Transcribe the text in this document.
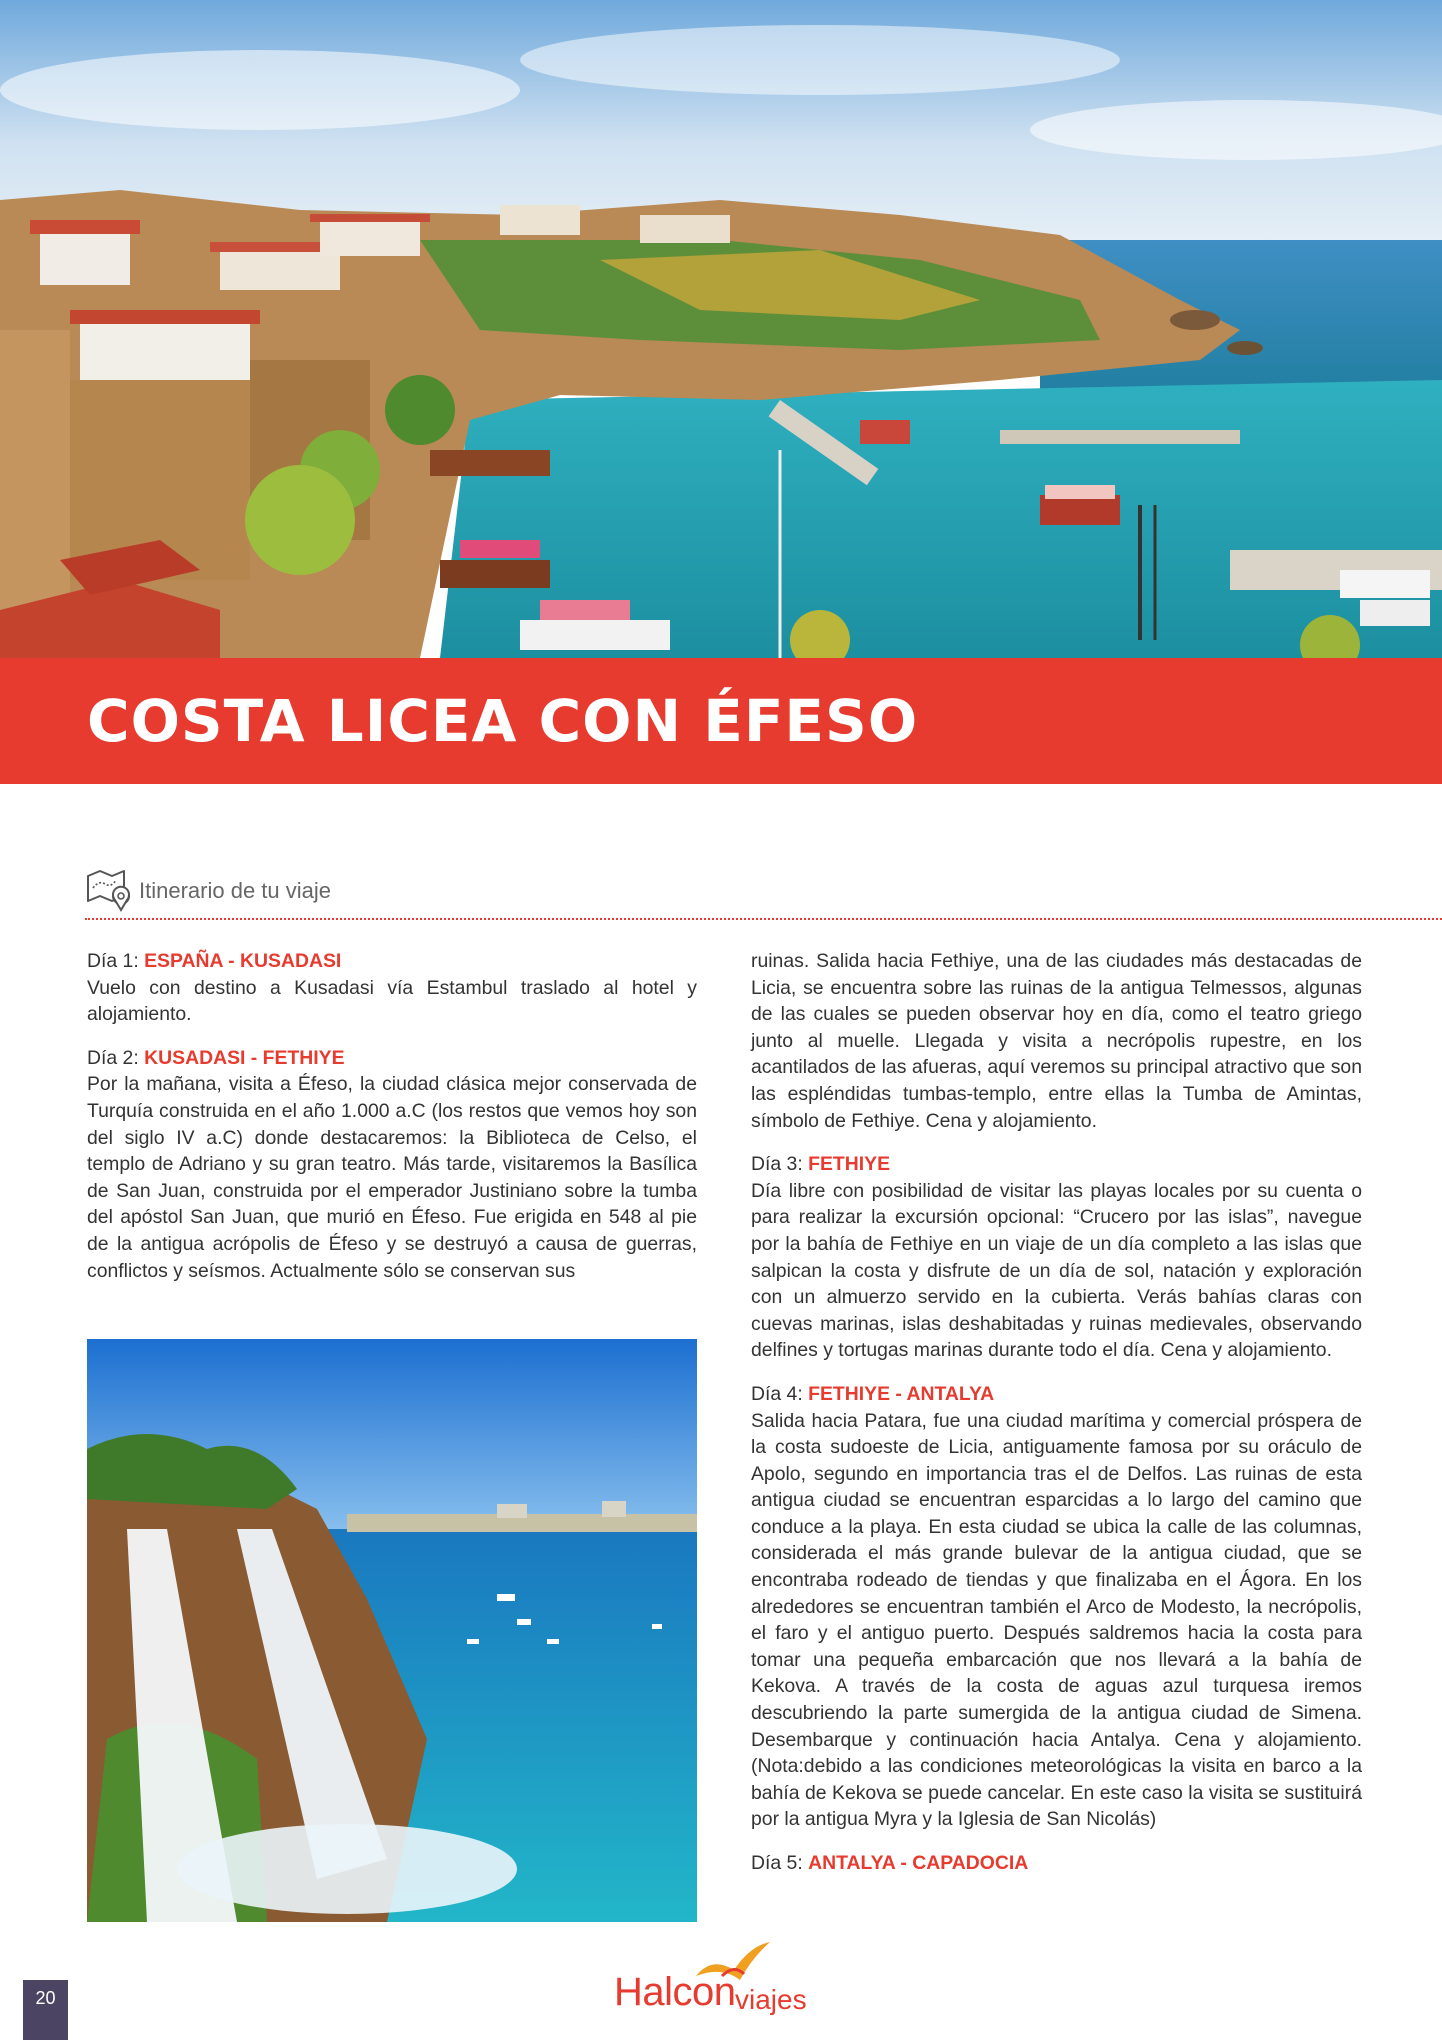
COSTA LICEA CON ÉFESO
Itinerario de tu viaje

Día 1: ESPAÑA - KUSADASI

Vuelo con destino a Kusadasi vía Estambul traslado al hotel y alojamiento.

Día 2: KUSADASI - FETHIYE

Por la mañana, visita a Éfeso, la ciudad clásica mejor conservada de Turquía construida en el año 1.000 a.C (los restos que vemos hoy son del siglo IV a.C) donde destacaremos: la Biblioteca de Celso, el templo de Adriano y su gran teatro. Más tarde, visitaremos la Basílica de San Juan, construida por el emperador Justiniano sobre la tumba del apóstol San Juan, que murió en Éfeso. Fue erigida en 548 al pie de la antigua acrópolis de Éfeso y se destruyó a causa de guerras, conflictos y seísmos. Actualmente sólo se conservan sus

ruinas. Salida hacia Fethiye, una de las ciudades más destacadas de Licia, se encuentra sobre las ruinas de la antigua Telmessos, algunas de las cuales se pueden observar hoy en día, como el teatro griego junto al muelle. Llegada y visita a necrópolis rupestre, en los acantilados de las afueras, aquí veremos su principal atractivo que son las espléndidas tumbas-templo, entre ellas la Tumba de Amintas, símbolo de Fethiye. Cena y alojamiento.

Día 3: FETHIYE

Día libre con posibilidad de visitar las playas locales por su cuenta o para realizar la excursión opcional: “Crucero por las islas”, navegue por la bahía de Fethiye en un viaje de un día completo a las islas que salpican la costa y disfrute de un día de sol, natación y exploración con un almuerzo servido en la cubierta. Verás bahías claras con cuevas marinas, islas deshabitadas y ruinas medievales, observando delfines y tortugas marinas durante todo el día. Cena y alojamiento.

Día 4: FETHIYE - ANTALYA

Salida hacia Patara, fue una ciudad marítima y comercial próspera de la costa sudoeste de Licia, antiguamente famosa por su oráculo de Apolo, segundo en importancia tras el de Delfos. Las ruinas de esta antigua ciudad se encuentran esparcidas a lo largo del camino que conduce a la playa. En esta ciudad se ubica la calle de las columnas, considerada el más grande bulevar de la antigua ciudad, que se encontraba rodeado de tiendas y que finalizaba en el Ágora. En los alrededores se encuentran también el Arco de Modesto, la necrópolis, el faro y el antiguo puerto. Después saldremos hacia la costa para tomar una pequeña embarcación que nos llevará a la bahía de Kekova. A través de la costa de aguas azul turquesa iremos descubriendo la parte sumergida de la antigua ciudad de Simena. Desembarque y continuación hacia Antalya. Cena y alojamiento. (Nota:debido a las condiciones meteorológicas la visita en barco a la bahía de Kekova se puede cancelar. En este caso la visita se sustituirá por la antigua Myra y la Iglesia de San Nicolás)

Día 5: ANTALYA - CAPADOCIA

20	Halcon viajes
